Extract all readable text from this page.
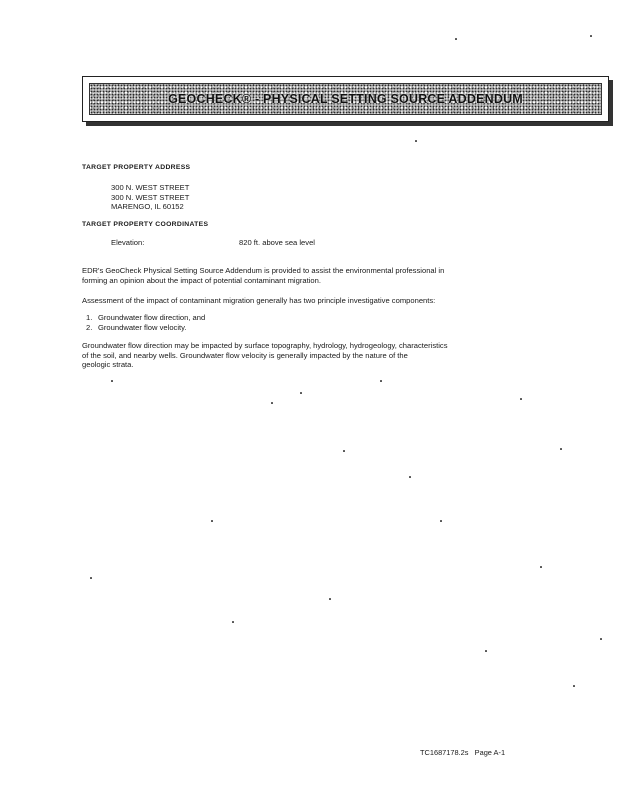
GEOCHECK® - PHYSICAL SETTING SOURCE ADDENDUM
TARGET PROPERTY ADDRESS
300 N. WEST STREET
300 N. WEST STREET
MARENGO, IL 60152
TARGET PROPERTY COORDINATES
Elevation:	820 ft. above sea level
EDR's GeoCheck Physical Setting Source Addendum is provided to assist the environmental professional in
forming an opinion about the impact of potential contaminant migration.
Assessment of the impact of contaminant migration generally has two principle investigative components:
1. Groundwater flow direction, and
2. Groundwater flow velocity.
Groundwater flow direction may be impacted by surface topography, hydrology, hydrogeology, characteristics
of the soil, and nearby wells. Groundwater flow velocity is generally impacted by the nature of the
geologic strata.
TC1687178.2s Page A-1
